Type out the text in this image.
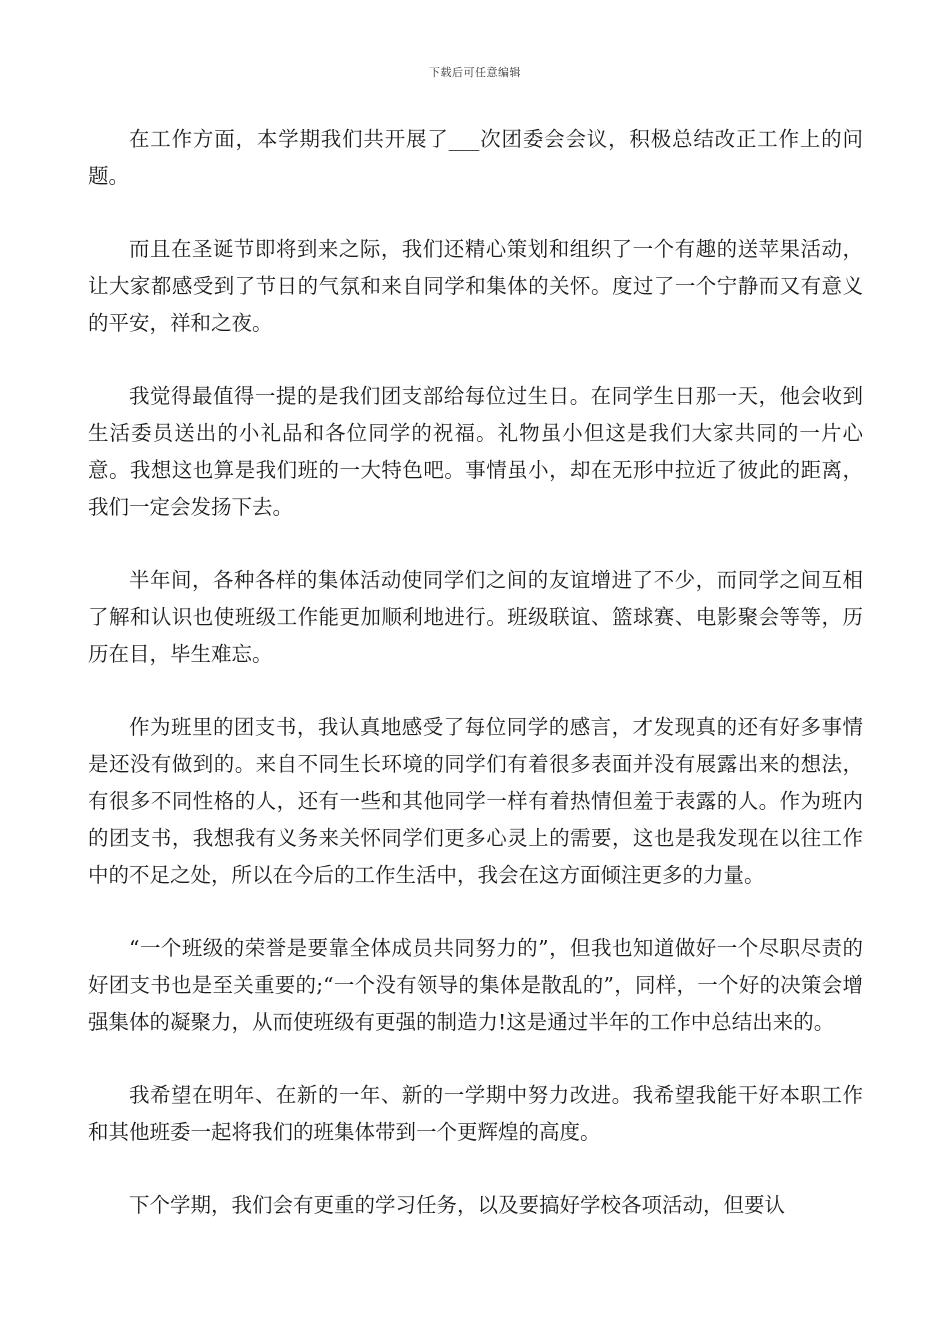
下载后可任意编辑

在工作方面，本学期我们共开展了___次团委会会议，积极总结改正工作上的问题。

而且在圣诞节即将到来之际，我们还精心策划和组织了一个有趣的送苹果活动，让大家都感受到了节日的气氛和来自同学和集体的关怀。度过了一个宁静而又有意义的平安，祥和之夜。

我觉得最值得一提的是我们团支部给每位过生日。在同学生日那一天，他会收到生活委员送出的小礼品和各位同学的祝福。礼物虽小但这是我们大家共同的一片心意。我想这也算是我们班的一大特色吧。事情虽小，却在无形中拉近了彼此的距离，我们一定会发扬下去。

半年间，各种各样的集体活动使同学们之间的友谊增进了不少，而同学之间互相了解和认识也使班级工作能更加顺利地进行。班级联谊、篮球赛、电影聚会等等，历历在目，毕生难忘。

作为班里的团支书，我认真地感受了每位同学的感言，才发现真的还有好多事情是还没有做到的。来自不同生长环境的同学们有着很多表面并没有展露出来的想法，有很多不同性格的人，还有一些和其他同学一样有着热情但羞于表露的人。作为班内的团支书，我想我有义务来关怀同学们更多心灵上的需要，这也是我发现在以往工作中的不足之处，所以在今后的工作生活中，我会在这方面倾注更多的力量。

“一个班级的荣誉是要靠全体成员共同努力的”，但我也知道做好一个尽职尽责的好团支书也是至关重要的;“一个没有领导的集体是散乱的”，同样，一个好的决策会增强集体的凝聚力，从而使班级有更强的制造力!这是通过半年的工作中总结出来的。

我希望在明年、在新的一年、新的一学期中努力改进。我希望我能干好本职工作和其他班委一起将我们的班集体带到一个更辉煌的高度。

下个学期，我们会有更重的学习任务，以及要搞好学校各项活动，但要认
